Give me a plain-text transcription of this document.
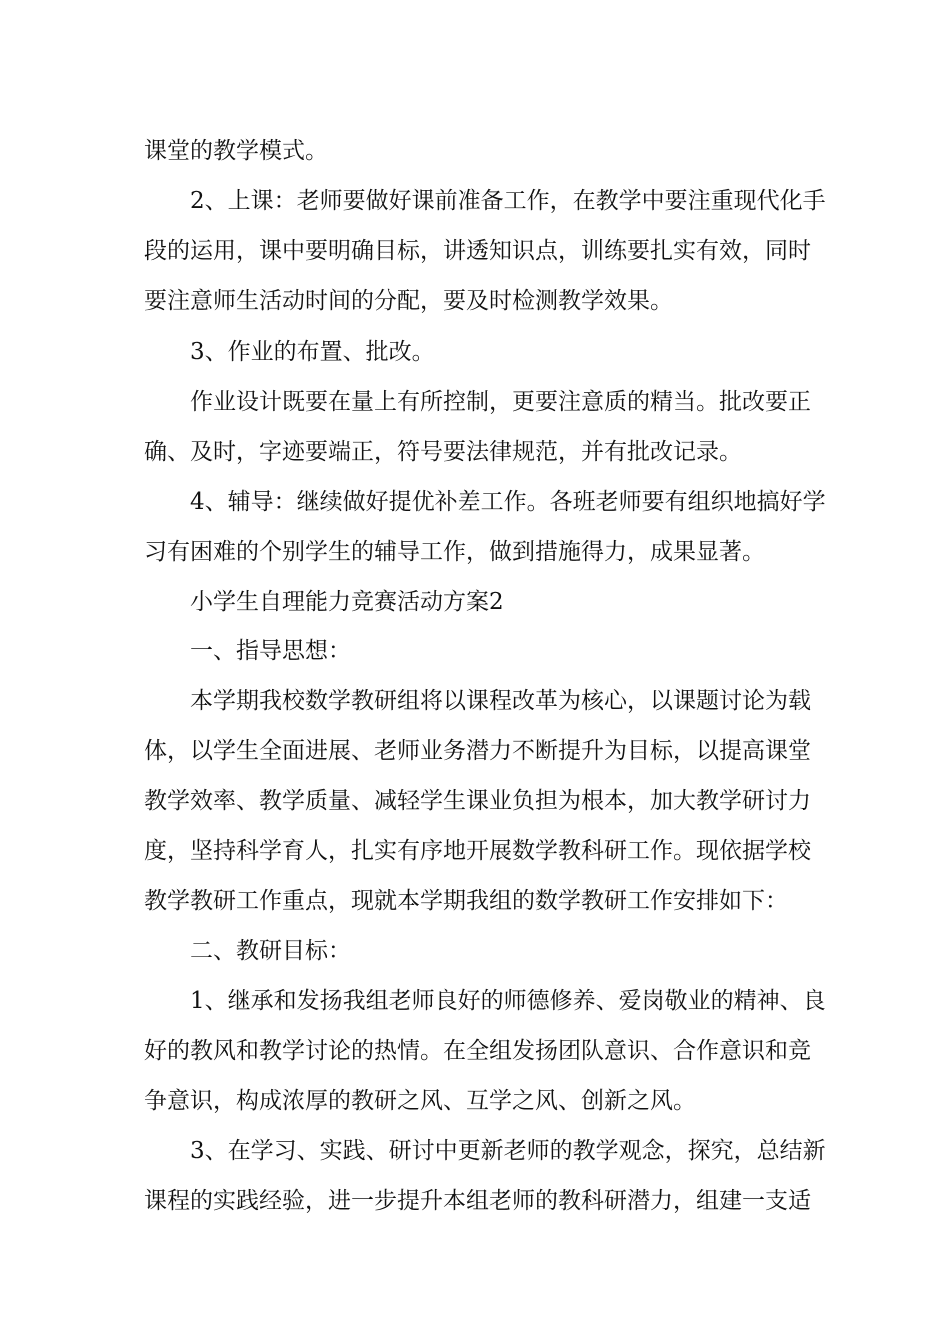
课堂的教学模式。
2、上课：老师要做好课前准备工作，在教学中要注重现代化手
段的运用，课中要明确目标，讲透知识点，训练要扎实有效，同时
要注意师生活动时间的分配，要及时检测教学效果。
3、作业的布置、批改。
作业设计既要在量上有所控制，更要注意质的精当。批改要正
确、及时，字迹要端正，符号要法律规范，并有批改记录。
4、辅导：继续做好提优补差工作。各班老师要有组织地搞好学
习有困难的个别学生的辅导工作，做到措施得力，成果显著。
小学生自理能力竞赛活动方案2
一、指导思想：
本学期我校数学教研组将以课程改革为核心，以课题讨论为载
体，以学生全面进展、老师业务潜力不断提升为目标，以提高课堂
教学效率、教学质量、减轻学生课业负担为根本，加大教学研讨力
度，坚持科学育人，扎实有序地开展数学教科研工作。现依据学校
教学教研工作重点，现就本学期我组的数学教研工作安排如下：
二、教研目标：
1、继承和发扬我组老师良好的师德修养、爱岗敬业的精神、良
好的教风和教学讨论的热情。在全组发扬团队意识、合作意识和竞
争意识，构成浓厚的教研之风、互学之风、创新之风。
3、在学习、实践、研讨中更新老师的教学观念，探究，总结新
课程的实践经验，进一步提升本组老师的教科研潜力，组建一支适
